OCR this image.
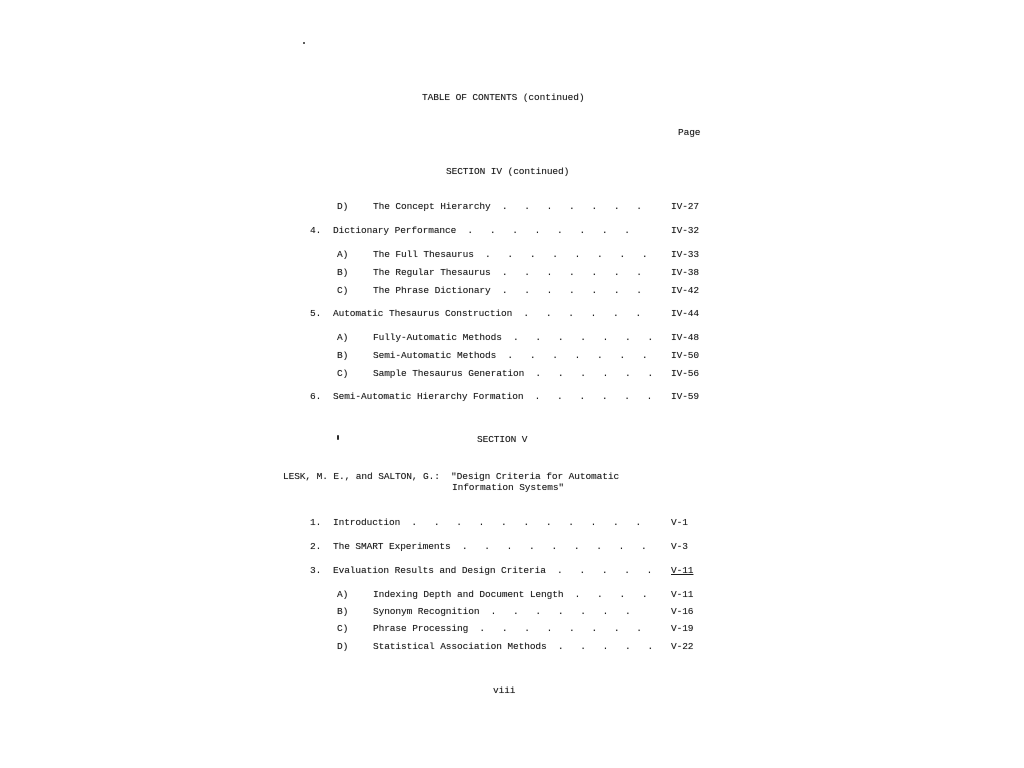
TABLE OF CONTENTS (continued)
Page
SECTION IV (continued)
D)	The Concept Hierarchy .   .   .   .   .   .   .	IV-27
4.	Dictionary Performance .   .   .   .   .   .   .   .	IV-32
A)	The Full Thesaurus .   .   .   .   .   .   .   .	IV-33
B)	The Regular Thesaurus .   .   .   .   .   .   .	IV-38
C)	The Phrase Dictionary .   .   .   .   .   .   .	IV-42
5.	Automatic Thesaurus Construction .   .   .   .   .   .	IV-44
A)	Fully-Automatic Methods .   .   .   .   .   .   .	IV-48
B)	Semi-Automatic Methods .   .   .   .   .   .   .	IV-50
C)	Sample Thesaurus Generation .   .   .   .   .   .	IV-56
6.	Semi-Automatic Hierarchy Formation .   .   .   .   .   .	IV-59
SECTION V
LESK, M. E., and SALTON, G.:  "Design Criteria for Automatic
Information Systems"
1.	Introduction .   .   .   .   .   .   .   .   .   .   .	V-1
2.	The SMART Experiments .   .   .   .   .   .   .   .   .	V-3
3.	Evaluation Results and Design Criteria .   .   .   .   .	V-11
A)	Indexing Depth and Document Length .   .   .   .	V-11
B)	Synonym Recognition .   .   .   .   .   .   .	V-16
C)	Phrase Processing .   .   .   .   .   .   .   .	V-19
D)	Statistical Association Methods .   .   .   .   .	V-22
viii
